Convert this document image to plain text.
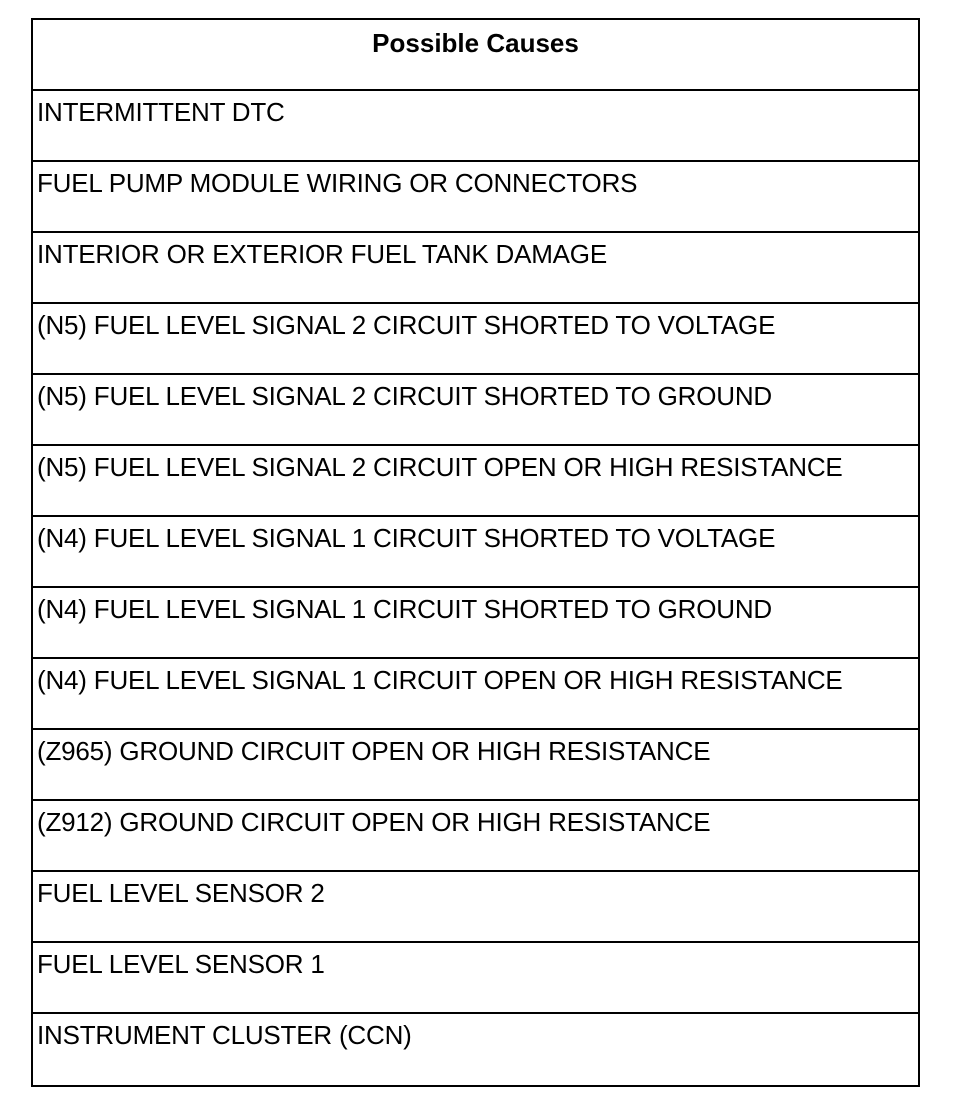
Possible Causes
INTERMITTENT DTC
FUEL PUMP MODULE WIRING OR CONNECTORS
INTERIOR OR EXTERIOR FUEL TANK DAMAGE
(N5) FUEL LEVEL SIGNAL 2 CIRCUIT SHORTED TO VOLTAGE
(N5) FUEL LEVEL SIGNAL 2 CIRCUIT SHORTED TO GROUND
(N5) FUEL LEVEL SIGNAL 2 CIRCUIT OPEN OR HIGH RESISTANCE
(N4) FUEL LEVEL SIGNAL 1 CIRCUIT SHORTED TO VOLTAGE
(N4) FUEL LEVEL SIGNAL 1 CIRCUIT SHORTED TO GROUND
(N4) FUEL LEVEL SIGNAL 1 CIRCUIT OPEN OR HIGH RESISTANCE
(Z965) GROUND CIRCUIT OPEN OR HIGH RESISTANCE
(Z912) GROUND CIRCUIT OPEN OR HIGH RESISTANCE
FUEL LEVEL SENSOR 2
FUEL LEVEL SENSOR 1
INSTRUMENT CLUSTER (CCN)
